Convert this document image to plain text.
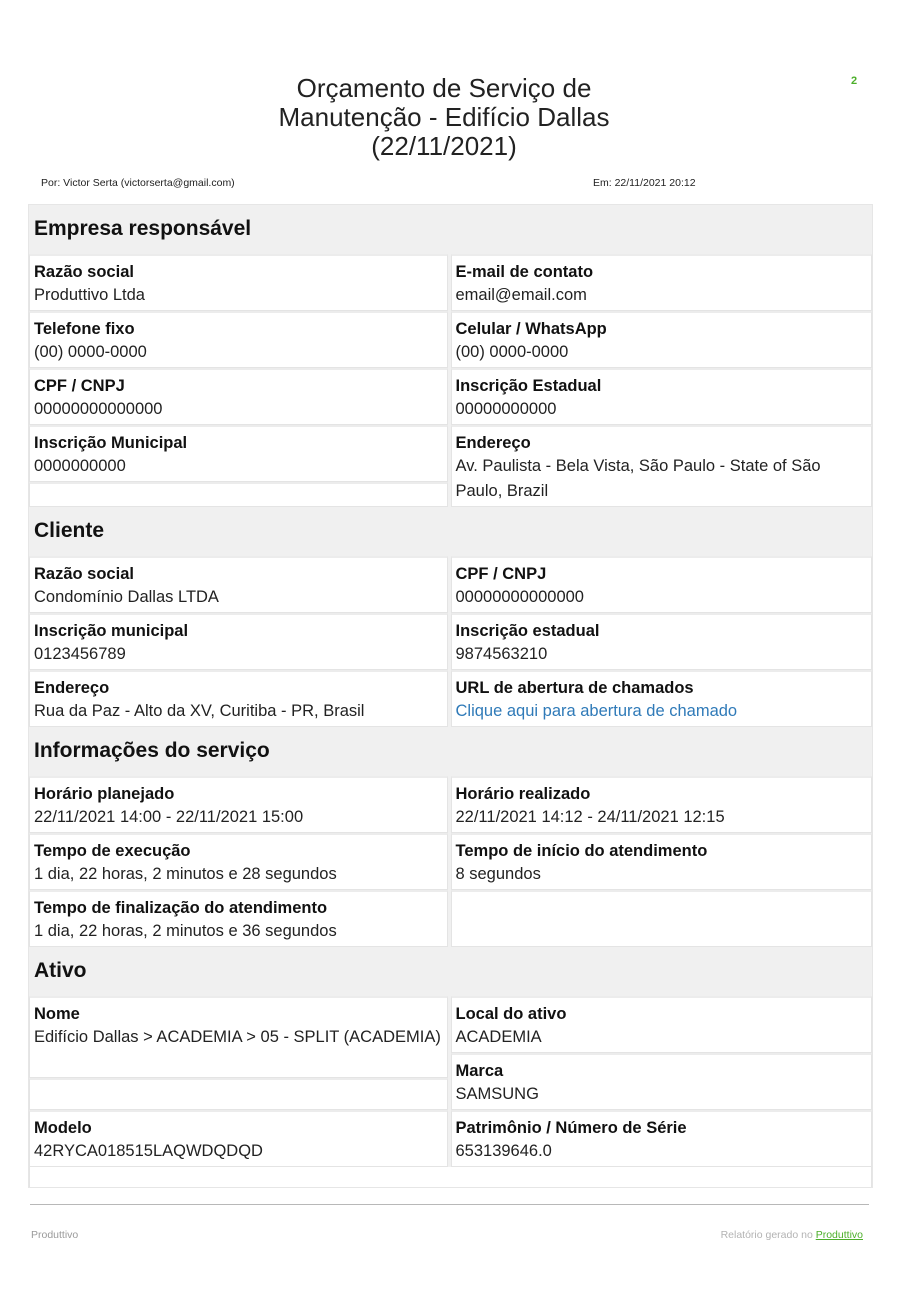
2
Orçamento de Serviço de
Manutenção - Edifício Dallas
(22/11/2021)
Por: Victor Serta (victorserta@gmail.com)	Em: 22/11/2021 20:12
Empresa responsável
Razão social
Produttivo Ltda
Telefone fixo
(00) 0000-0000
CPF / CNPJ
00000000000000
Inscrição Municipal
0000000000
E-mail de contato
email@email.com
Celular / WhatsApp
(00) 0000-0000
Inscrição Estadual
00000000000
Endereço
Av. Paulista - Bela Vista, São Paulo - State of São Paulo, Brazil
Cliente
Razão social
Condomínio Dallas LTDA
Inscrição municipal
0123456789
Endereço
Rua da Paz - Alto da XV, Curitiba - PR, Brasil
CPF / CNPJ
00000000000000
Inscrição estadual
9874563210
URL de abertura de chamados
Clique aqui para abertura de chamado
Informações do serviço
Horário planejado
22/11/2021 14:00 - 22/11/2021 15:00
Tempo de execução
1 dia, 22 horas, 2 minutos e 28 segundos
Tempo de finalização do atendimento
1 dia, 22 horas, 2 minutos e 36 segundos
Horário realizado
22/11/2021 14:12 - 24/11/2021 12:15
Tempo de início do atendimento
8 segundos
Ativo
Nome
Edifício Dallas > ACADEMIA > 05 - SPLIT (ACADEMIA)
Modelo
42RYCA018515LAQWDQDQD
Local do ativo
ACADEMIA
Marca
SAMSUNG
Patrimônio / Número de Série
653139646.0
Produttivo	Relatório gerado no Produttivo
